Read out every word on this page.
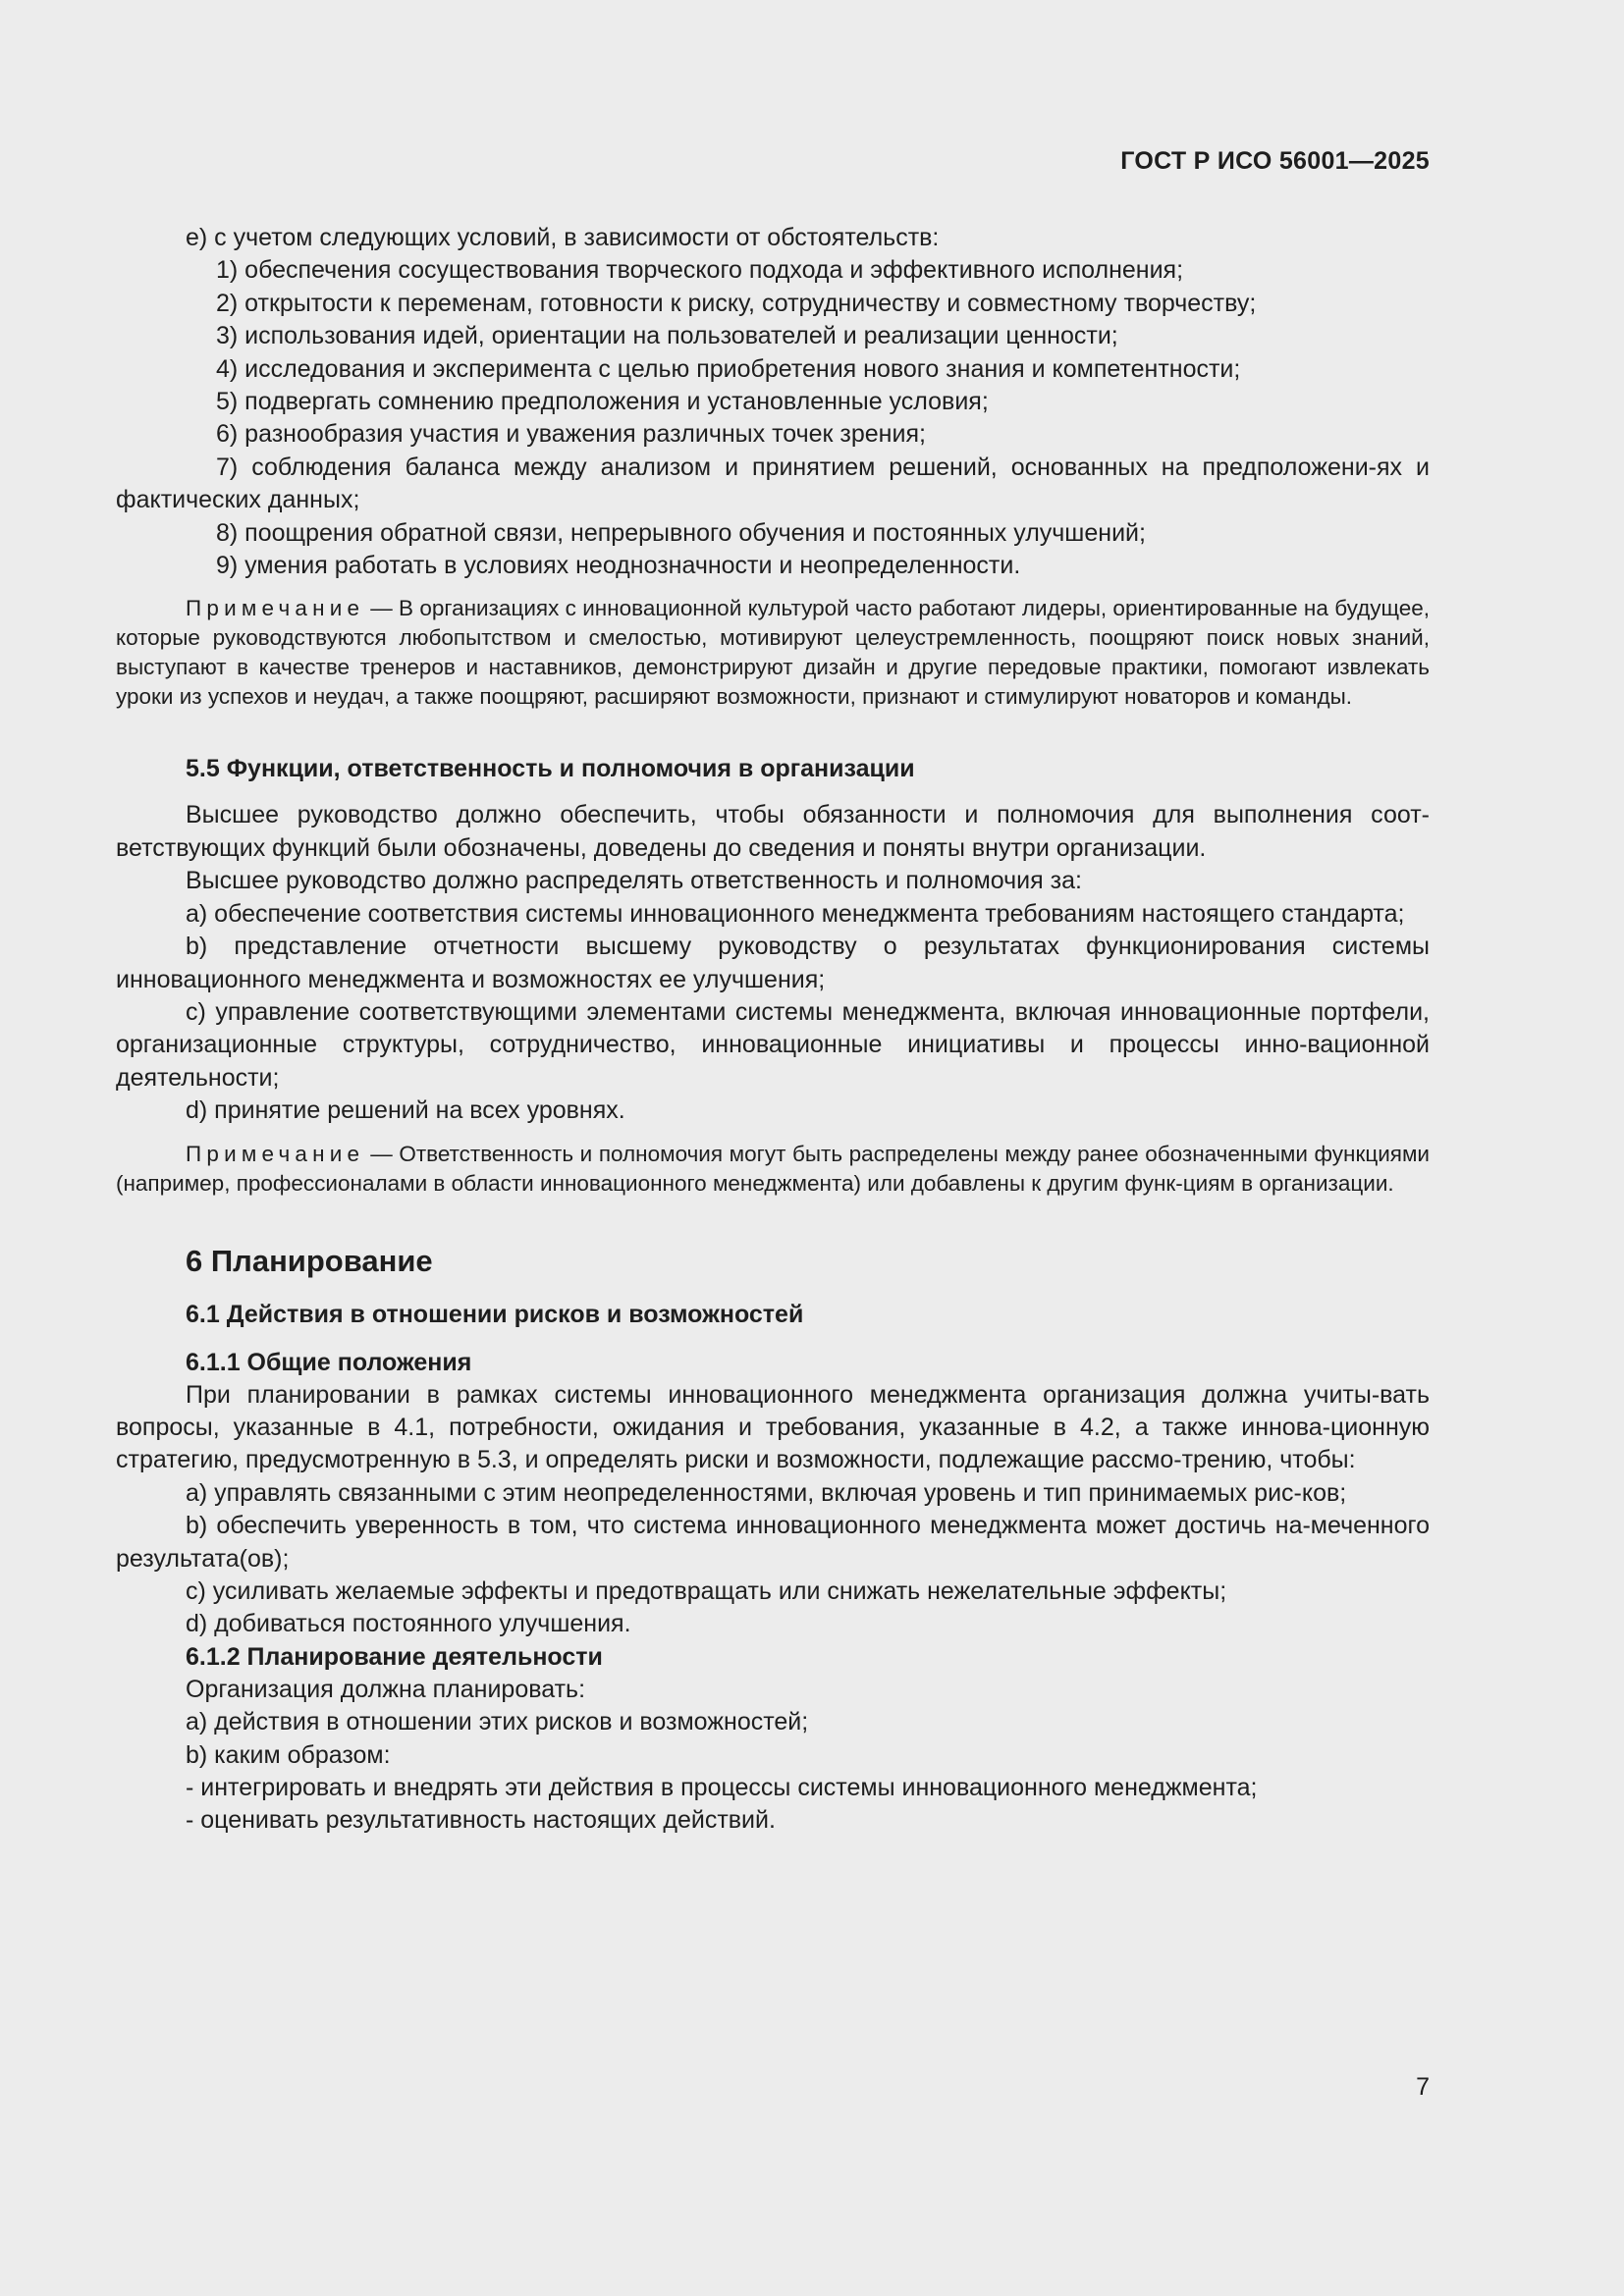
ГОСТ Р ИСО 56001—2025

e) с учетом следующих условий, в зависимости от обстоятельств:

1) обеспечения сосуществования творческого подхода и эффективного исполнения;

2) открытости к переменам, готовности к риску, сотрудничеству и совместному творчеству;

3) использования идей, ориентации на пользователей и реализации ценности;

4) исследования и эксперимента с целью приобретения нового знания и компетентности;

5) подвергать сомнению предположения и установленные условия;

6) разнообразия участия и уважения различных точек зрения;

7) соблюдения баланса между анализом и принятием решений, основанных на предположени-ях и фактических данных;

8) поощрения обратной связи, непрерывного обучения и постоянных улучшений;

9) умения работать в условиях неоднозначности и неопределенности.

Примечание — В организациях с инновационной культурой часто работают лидеры, ориентированные на будущее, которые руководствуются любопытством и смелостью, мотивируют целеустремленность, поощряют поиск новых знаний, выступают в качестве тренеров и наставников, демонстрируют дизайн и другие передовые практики, помогают извлекать уроки из успехов и неудач, а также поощряют, расширяют возможности, признают и стимулируют новаторов и команды.

5.5 Функции, ответственность и полномочия в организации

Высшее руководство должно обеспечить, чтобы обязанности и полномочия для выполнения соот-ветствующих функций были обозначены, доведены до сведения и поняты внутри организации.

Высшее руководство должно распределять ответственность и полномочия за:

a) обеспечение соответствия системы инновационного менеджмента требованиям настоящего стандарта;

b) представление отчетности высшему руководству о результатах функционирования системы инновационного менеджмента и возможностях ее улучшения;

c) управление соответствующими элементами системы менеджмента, включая инновационные портфели, организационные структуры, сотрудничество, инновационные инициативы и процессы инно-вационной деятельности;

d) принятие решений на всех уровнях.

Примечание — Ответственность и полномочия могут быть распределены между ранее обозначенными функциями (например, профессионалами в области инновационного менеджмента) или добавлены к другим функ-циям в организации.

6 Планирование

6.1 Действия в отношении рисков и возможностей

6.1.1 Общие положения

При планировании в рамках системы инновационного менеджмента организация должна учиты-вать вопросы, указанные в 4.1, потребности, ожидания и требования, указанные в 4.2, а также иннова-ционную стратегию, предусмотренную в 5.3, и определять риски и возможности, подлежащие рассмо-трению, чтобы:

a) управлять связанными с этим неопределенностями, включая уровень и тип принимаемых рис-ков;

b) обеспечить уверенность в том, что система инновационного менеджмента может достичь на-меченного результата(ов);

c) усиливать желаемые эффекты и предотвращать или снижать нежелательные эффекты;

d) добиваться постоянного улучшения.

6.1.2 Планирование деятельности

Организация должна планировать:

a) действия в отношении этих рисков и возможностей;

b) каким образом:

- интегрировать и внедрять эти действия в процессы системы инновационного менеджмента;

- оценивать результативность настоящих действий.

7
